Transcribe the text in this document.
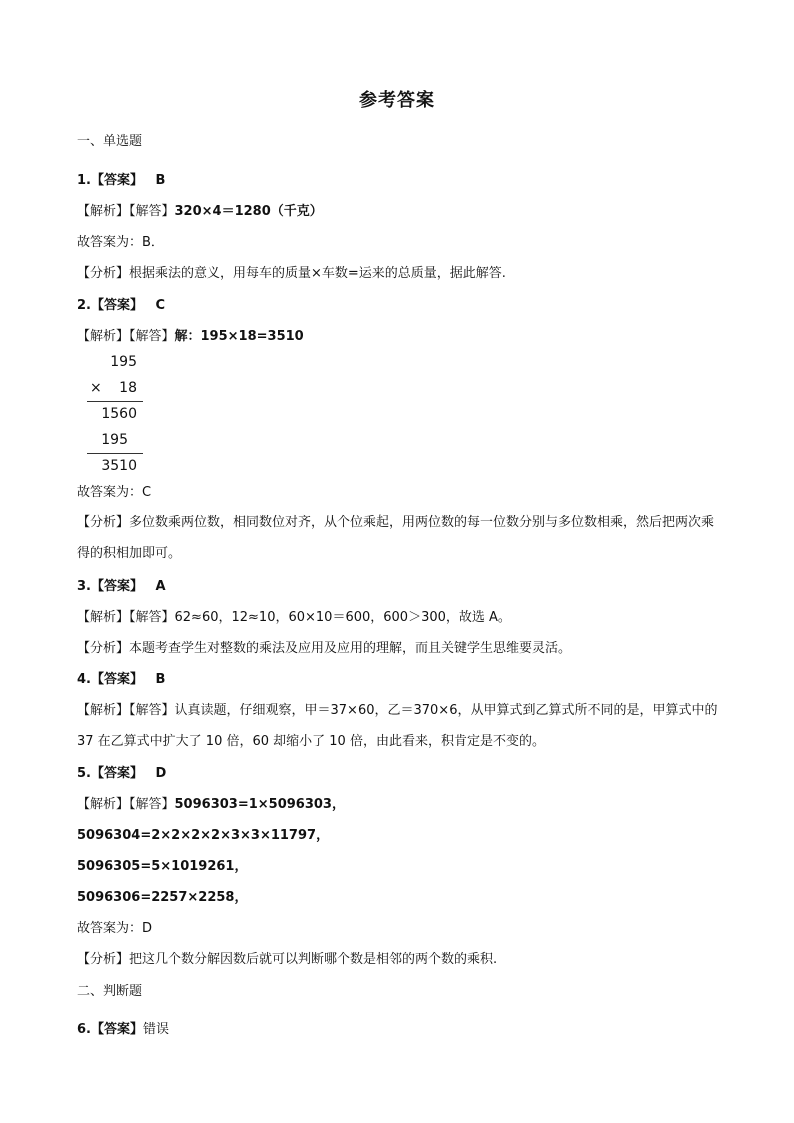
参考答案
一、单选题
1.【答案】 B
【解析】【解答】320×4＝1280（千克）
故答案为：B．
【分析】根据乘法的意义，用每车的质量×车数=运来的总质量，据此解答.
2.【答案】 C
【解析】【解答】解：195×18=3510
195
× 18
1560
195
3510
故答案为：C
【分析】多位数乘两位数，相同数位对齐，从个位乘起，用两位数的每一位数分别与多位数相乘，然后把两次乘得的积相加即可。
3.【答案】 A
【解析】【解答】62≈60，12≈10，60×10＝600，600＞300，故选 A。
【分析】本题考查学生对整数的乘法及应用及应用的理解，而且关键学生思维要灵活。
4.【答案】 B
【解析】【解答】认真读题，仔细观察，甲＝37×60，乙＝370×6，从甲算式到乙算式所不同的是，甲算式中的 37 在乙算式中扩大了 10 倍，60 却缩小了 10 倍，由此看来，积肯定是不变的。
5.【答案】 D
【解析】【解答】5096303=1×5096303，
5096304=2×2×2×2×3×3×11797，
5096305=5×1019261，
5096306=2257×2258，
故答案为：D
【分析】把这几个数分解因数后就可以判断哪个数是相邻的两个数的乘积.
二、判断题
6.【答案】错误
